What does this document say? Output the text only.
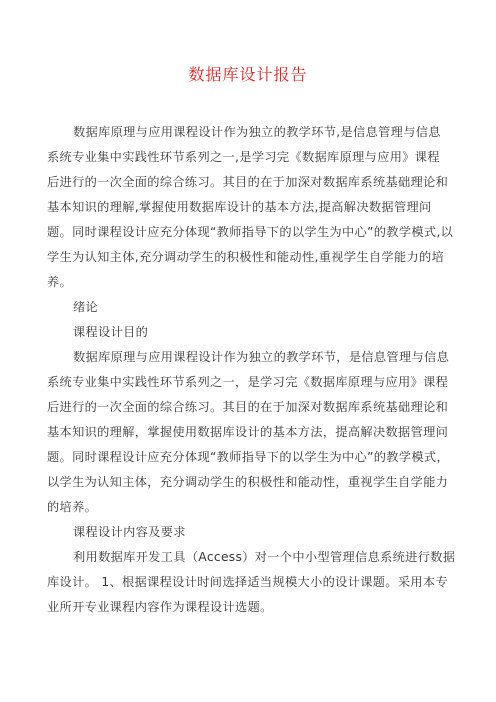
数据库设计报告
数据库原理与应用课程设计作为独立的教学环节,是信息管理与信息
系统专业集中实践性环节系列之一,是学习完《数据库原理与应用》课程
后进行的一次全面的综合练习。其目的在于加深对数据库系统基础理论和
基本知识的理解,掌握使用数据库设计的基本方法,提高解决数据管理问
题。同时课程设计应充分体现“教师指导下的以学生为中心”的教学模式,以
学生为认知主体,充分调动学生的积极性和能动性,重视学生自学能力的培
养。
绪论
课程设计目的
数据库原理与应用课程设计作为独立的教学环节，是信息管理与信息
系统专业集中实践性环节系列之一，是学习完《数据库原理与应用》课程
后进行的一次全面的综合练习。其目的在于加深对数据库系统基础理论和
基本知识的理解，掌握使用数据库设计的基本方法，提高解决数据管理问
题。同时课程设计应充分体现“教师指导下的以学生为中心”的教学模式，
以学生为认知主体，充分调动学生的积极性和能动性，重视学生自学能力
的培养。
课程设计内容及要求
利用数据库开发工具（Access）对一个中小型管理信息系统进行数据
库设计。 1、根据课程设计时间选择适当规模大小的设计课题。采用本专
业所开专业课程内容作为课程设计选题。
